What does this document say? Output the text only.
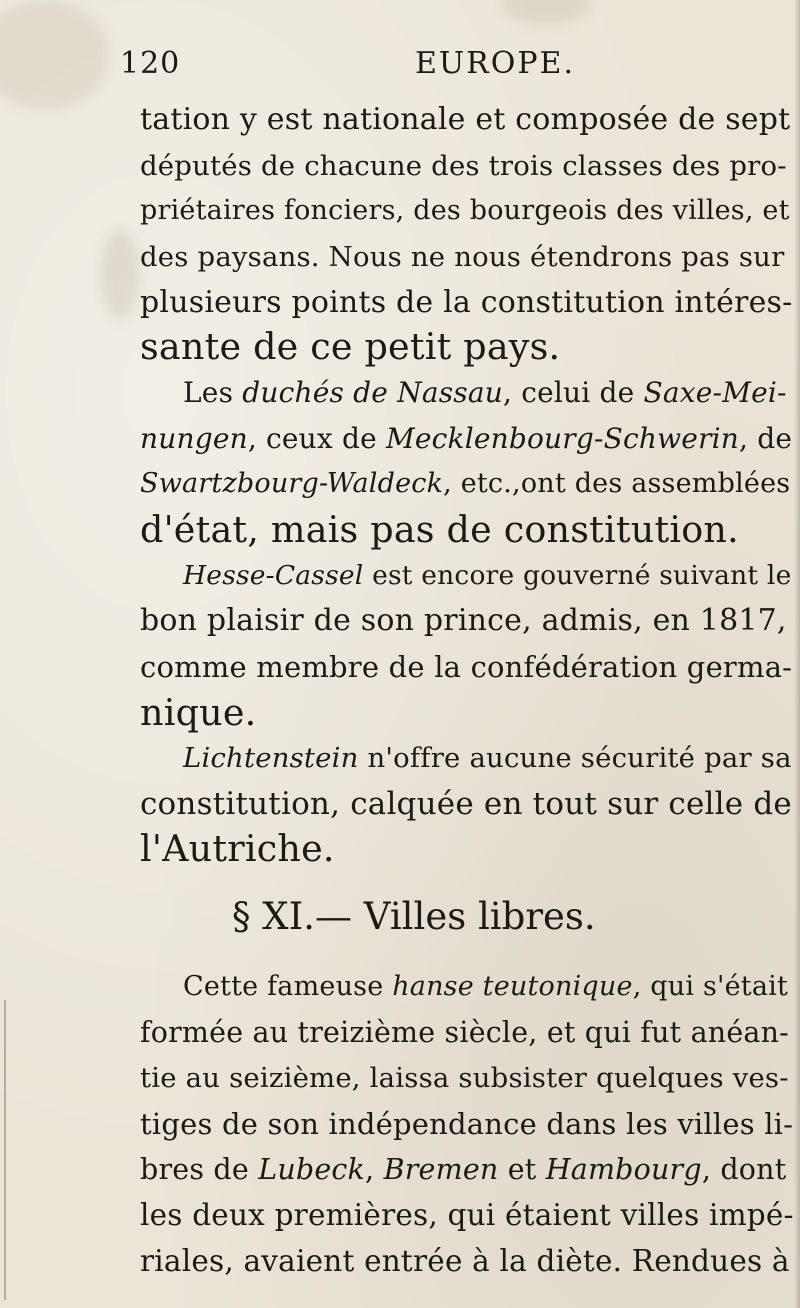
120	EUROPE.
tation y est nationale et composée de sept
députés de chacune des trois classes des pro-
priétaires fonciers, des bourgeois des villes, et
des paysans. Nous ne nous étendrons pas sur
plusieurs points de la constitution intéres-
sante de ce petit pays.
Les duchés de Nassau, celui de Saxe-Mei-
nungen, ceux de Mecklenbourg-Schwerin, de
Swartzbourg-Waldeck, etc.,ont des assemblées
d'état, mais pas de constitution.
Hesse-Cassel est encore gouverné suivant le
bon plaisir de son prince, admis, en 1817,
comme membre de la confédération germa-
nique.
Lichtenstein n'offre aucune sécurité par sa
constitution, calquée en tout sur celle de
l'Autriche.
Cette fameuse hanse teutonique, qui s'était
formée au treizième siècle, et qui fut anéan-
tie au seizième, laissa subsister quelques ves-
tiges de son indépendance dans les villes li-
bres de Lubeck, Bremen et Hambourg, dont
les deux premières, qui étaient villes impé-
riales, avaient entrée à la diète. Rendues à
§ XI.— Villes libres.
